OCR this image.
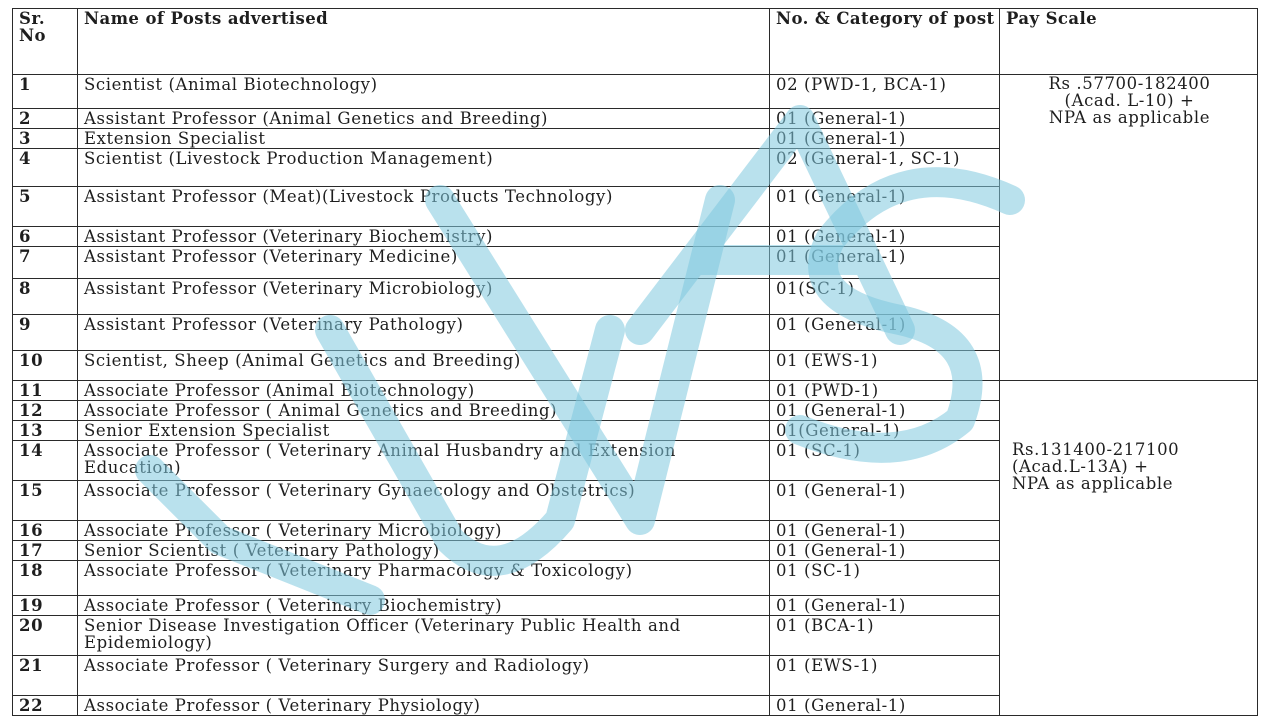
Sr. No	Name of Posts advertised	No. & Category of post	Pay Scale
1	Scientist (Animal Biotechnology)	02 (PWD-1, BCA-1)	Rs .57700-182400
(Acad. L-10) +
NPA as applicable

2	Assistant Professor (Animal Genetics and Breeding)	01 (General-1)	
3	Extension Specialist	01 (General-1)	
4	Scientist (Livestock Production Management)	02 (General-1, SC-1)	
5	Assistant Professor (Meat)(Livestock Products Technology)	01 (General-1)	
6	Assistant Professor (Veterinary Biochemistry)	01 (General-1)	
7	Assistant Professor (Veterinary Medicine)	01 (General-1)	
8	Assistant Professor (Veterinary Microbiology)	01(SC-1)	
9	Assistant Professor (Veterinary Pathology)	01 (General-1)	
10	Scientist, Sheep (Animal Genetics and Breeding)	01 (EWS-1)	
11	Associate Professor (Animal Biotechnology)	01 (PWD-1)	Rs.131400-217100
(Acad.L-13A) +
NPA as applicable

12	Associate Professor ( Animal Genetics and Breeding)	01 (General-1)	
13	Senior Extension Specialist	01(General-1)	
14	Associate Professor ( Veterinary Animal Husbandry and Extension Education)	01 (SC-1)	
15	Associate Professor ( Veterinary Gynaecology and Obstetrics)	01 (General-1)	
16	Associate Professor ( Veterinary Microbiology)	01 (General-1)	
17	Senior Scientist ( Veterinary Pathology)	01 (General-1)	
18	Associate Professor ( Veterinary Pharmacology & Toxicology)	01 (SC-1)	
19	Associate Professor ( Veterinary Biochemistry)	01 (General-1)	
20	Senior Disease Investigation Officer (Veterinary Public Health and Epidemiology)	01 (BCA-1)	
21	Associate Professor ( Veterinary Surgery and Radiology)	01 (EWS-1)	
22	Associate Professor ( Veterinary Physiology)	01 (General-1)	
